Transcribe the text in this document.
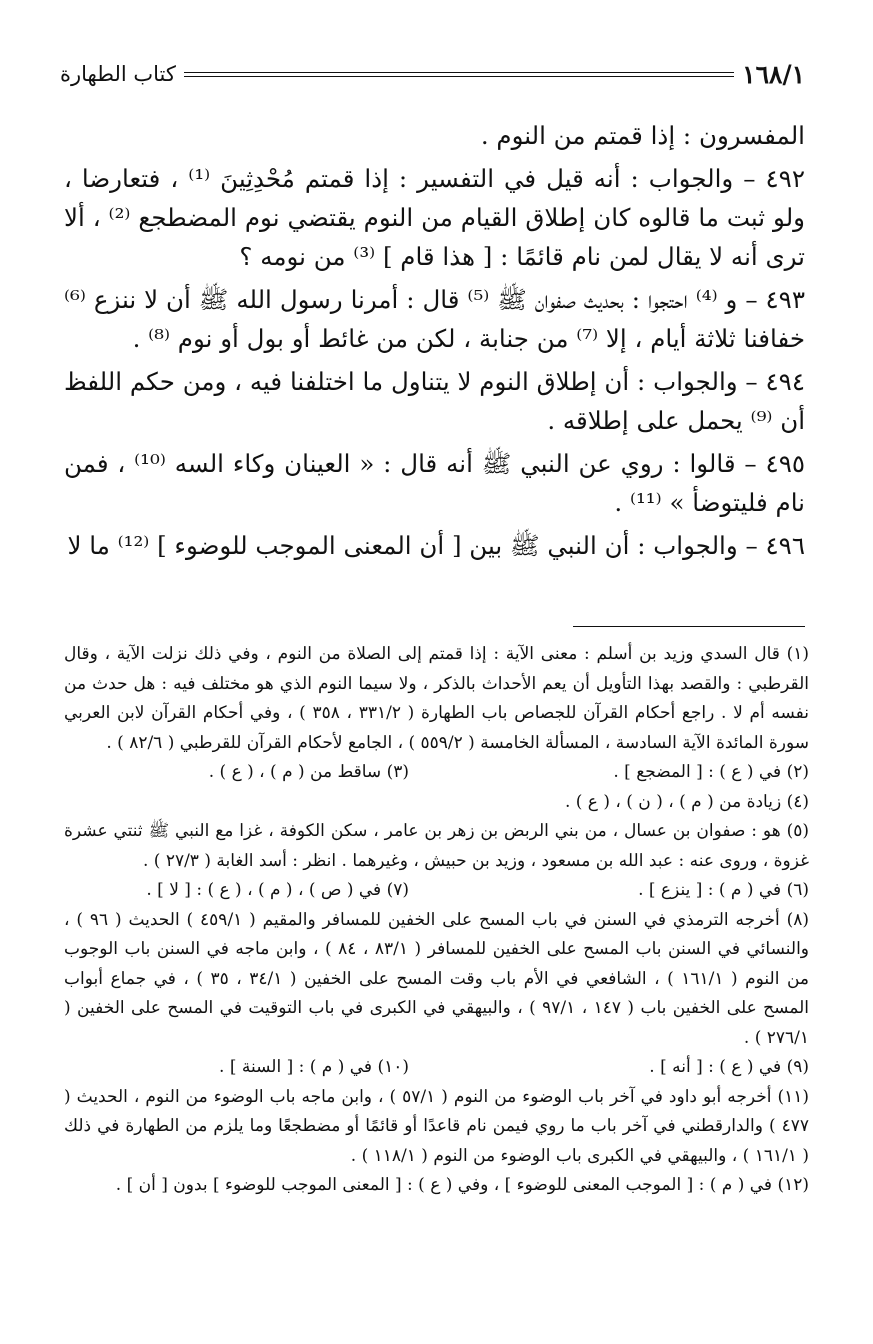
كتاب الطهارة	١٦٨/١

المفسرون : إذا قمتم من النوم .

٤٩٢ – والجواب : أنه قيل في التفسير : إذا قمتم مُحْدِثِينَ ⁽¹⁾ ، فتعارضا ، ولو ثبت ما قالوه كان إطلاق القيام من النوم يقتضي نوم المضطجع ⁽²⁾ ، ألا ترى أنه لا يقال لمن نام قائمًا : [ هذا قام ] ⁽³⁾ من نومه ؟

٤٩٣ – و ⁽⁴⁾ احتجوا : بحديث صفوان ﷺ ⁽⁵⁾ قال : أمرنا رسول الله ﷺ أن لا ننزع ⁽⁶⁾ خفافنا ثلاثة أيام ، إلا ⁽⁷⁾ من جنابة ، لكن من غائط أو بول أو نوم ⁽⁸⁾ .

٤٩٤ – والجواب : أن إطلاق النوم لا يتناول ما اختلفنا فيه ، ومن حكم اللفظ أن ⁽⁹⁾ يحمل على إطلاقه .

٤٩٥ – قالوا : روي عن النبي ﷺ أنه قال : « العينان وكاء السه ⁽¹⁰⁾ ، فمن نام فليتوضأ » ⁽¹¹⁾ .

٤٩٦ – والجواب : أن النبي ﷺ بين [ أن المعنى الموجب للوضوء ] ⁽¹²⁾ ما لا

(١) قال السدي وزيد بن أسلم : معنى الآية : إذا قمتم إلى الصلاة من النوم ، وفي ذلك نزلت الآية ، وقال القرطبي : والقصد بهذا التأويل أن يعم الأحداث بالذكر ، ولا سيما النوم الذي هو مختلف فيه : هل حدث من نفسه أم لا . راجع أحكام القرآن للجصاص باب الطهارة ( ٣٣١/٢ ، ٣٥٨ ) ، وفي أحكام القرآن لابن العربي سورة المائدة الآية السادسة ، المسألة الخامسة ( ٥٥٩/٢ ) ، الجامع لأحكام القرآن للقرطبي ( ٨٢/٦ ) .

(٢) في ( ع ) : [ المضجع ] .
(٣) ساقط من ( م ) ، ( ع ) .

(٤) زيادة من ( م ) ، ( ن ) ، ( ع ) .

(٥) هو : صفوان بن عسال ، من بني الربض بن زهر بن عامر ، سكن الكوفة ، غزا مع النبي ﷺ ثنتي عشرة غزوة ، وروى عنه : عبد الله بن مسعود ، وزيد بن حبيش ، وغيرهما . انظر : أسد الغابة ( ٢٧/٣ ) .

(٦) في ( م ) : [ ينزع ] .
(٧) في ( ص ) ، ( م ) ، ( ع ) : [ لا ] .

(٨) أخرجه الترمذي في السنن في باب المسح على الخفين للمسافر والمقيم ( ٤٥٩/١ ) الحديث ( ٩٦ ) ، والنسائي في السنن باب المسح على الخفين للمسافر ( ٨٣/١ ، ٨٤ ) ، وابن ماجه في السنن باب الوجوب من النوم ( ١٦١/١ ) ، الشافعي في الأم باب وقت المسح على الخفين ( ٣٤/١ ، ٣٥ ) ، في جماع أبواب المسح على الخفين باب ( ١٤٧ ، ٩٧/١ ) ، والبيهقي في الكبرى في باب التوقيت في المسح على الخفين ( ٢٧٦/١ ) .

(٩) في ( ع ) : [ أنه ] .
(١٠) في ( م ) : [ السنة ] .

(١١) أخرجه أبو داود في آخر باب الوضوء من النوم ( ٥٧/١ ) ، وابن ماجه باب الوضوء من النوم ، الحديث ( ٤٧٧ ) والدارقطني في آخر باب ما روي فيمن نام قاعدًا أو قائمًا أو مضطجعًا وما يلزم من الطهارة في ذلك ( ١٦١/١ ) ، والبيهقي في الكبرى باب الوضوء من النوم ( ١١٨/١ ) .

(١٢) في ( م ) : [ الموجب المعنى للوضوء ] ، وفي ( ع ) : [ المعنى الموجب للوضوء ] بدون [ أن ] .
